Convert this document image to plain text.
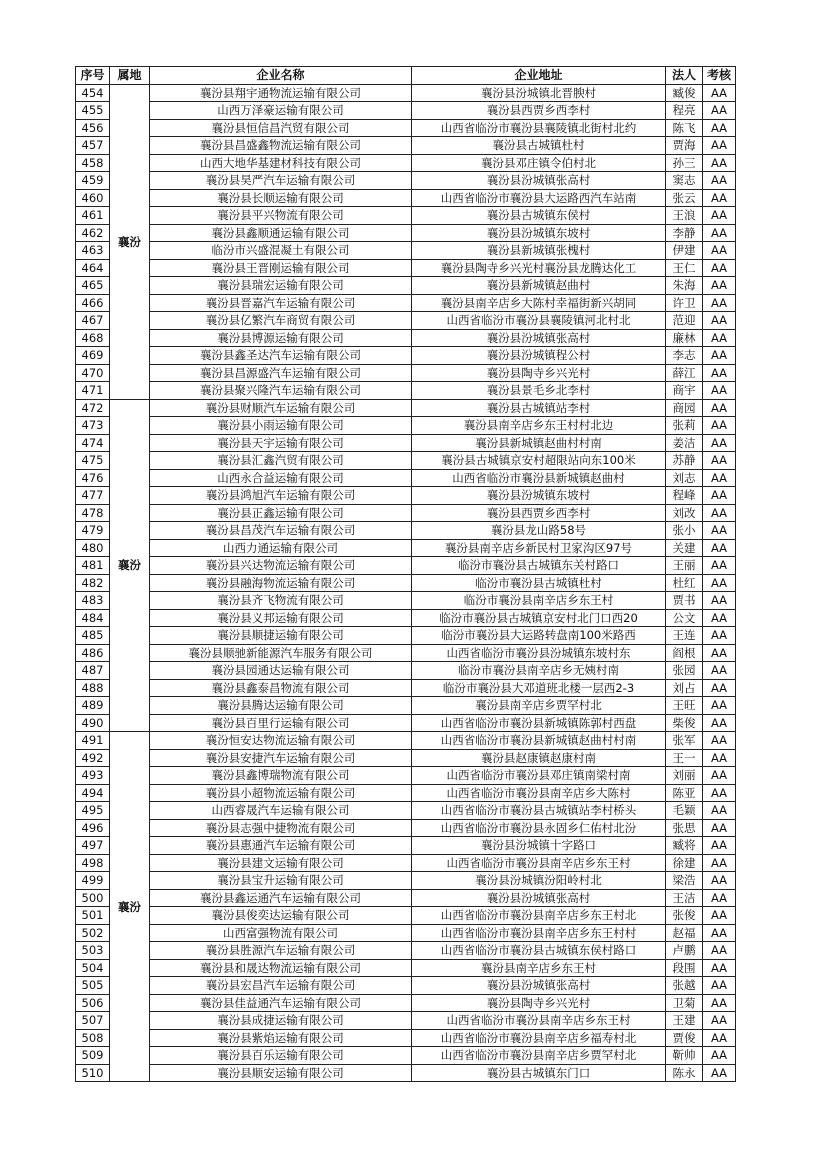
序号	属地	企业名称	企业地址	法人	考核
454	襄汾	襄汾县翔宇通物流运输有限公司	襄汾县汾城镇北晋腴村	臧俊	AA
455		山西万泽豪运输有限公司	襄汾县西贾乡西李村	程亮	AA
456		襄汾县恒信昌汽贸有限公司	山西省临汾市襄汾县襄陵镇北街村北约	陈飞	AA
457		襄汾县昌盛鑫物流运输有限公司	襄汾县古城镇杜村	贾海	AA
458		山西大地华基建材科技有限公司	襄汾县邓庄镇令伯村北	孙三	AA
459		襄汾县昊严汽车运输有限公司	襄汾县汾城镇张高村	窦志	AA
460		襄汾县长顺运输有限公司	山西省临汾市襄汾县大运路西汽车站南	张云	AA
461		襄汾县平兴物流有限公司	襄汾县古城镇东侯村	王浪	AA
462		襄汾县鑫顺通运输有限公司	襄汾县汾城镇东坡村	李静	AA
463		临汾市兴盛混凝土有限公司	襄汾县新城镇张槐村	伊建	AA
464		襄汾县王晋刚运输有限公司	襄汾县陶寺乡兴光村襄汾县龙腾达化工	王仁	AA
465		襄汾县瑞宏运输有限公司	襄汾县新城镇赵曲村	朱海	AA
466		襄汾县晋嘉汽车运输有限公司	襄汾县南辛店乡大陈村幸福街新兴胡同	许卫	AA
467		襄汾县亿繁汽车商贸有限公司	山西省临汾市襄汾县襄陵镇河北村北	范迎	AA
468		襄汾县博源运输有限公司	襄汾县汾城镇张高村	廉林	AA
469		襄汾县鑫圣达汽车运输有限公司	襄汾县汾城镇程公村	李志	AA
470		襄汾县昌源盛汽车运输有限公司	襄汾县陶寺乡兴光村	薛江	AA
471		襄汾县聚兴隆汽车运输有限公司	襄汾县景毛乡北李村	商宇	AA
472	襄汾	襄汾县财顺汽车运输有限公司	襄汾县古城镇站李村	商园	AA
473		襄汾县小雨运输有限公司	襄汾县南辛店乡东王村村北边	张莉	AA
474		襄汾县天宇运输有限公司	襄汾县新城镇赵曲村村南	姜洁	AA
475		襄汾县汇鑫汽贸有限公司	襄汾县古城镇京安村超限站向东100米	苏静	AA
476		山西永合益运输有限公司	山西省临汾市襄汾县新城镇赵曲村	刘志	AA
477		襄汾县鸿旭汽车运输有限公司	襄汾县汾城镇东坡村	程峰	AA
478		襄汾县正鑫运输有限公司	襄汾县西贾乡西李村	刘改	AA
479		襄汾县昌茂汽车运输有限公司	襄汾县龙山路58号	张小	AA
480		山西力通运输有限公司	襄汾县南辛店乡新民村卫家沟区97号	关建	AA
481		襄汾县兴达物流运输有限公司	临汾市襄汾县古城镇东关村路口	王丽	AA
482		襄汾县融海物流运输有限公司	临汾市襄汾县古城镇杜村	杜红	AA
483		襄汾县齐飞物流有限公司	临汾市襄汾县南辛店乡东王村	贾书	AA
484		襄汾县义邦运输有限公司	临汾市襄汾县古城镇京安村北门口西20	公文	AA
485		襄汾县顺捷运输有限公司	临汾市襄汾县大运路转盘南100米路西	王连	AA
486		襄汾县顺驰新能源汽车服务有限公司	山西省临汾市襄汾县汾城镇东坡村东	阎根	AA
487		襄汾县园通达运输有限公司	临汾市襄汾县南辛店乡无姨村南	张园	AA
488		襄汾县鑫泰昌物流有限公司	临汾市襄汾县大邓道班北楼一层西2-3	刘占	AA
489		襄汾县腾达运输有限公司	襄汾县南辛店乡贾罕村北	王旺	AA
490		襄汾县百里行运输有限公司	山西省临汾市襄汾县新城镇陈郭村西盘	柴俊	AA
491	襄汾	襄汾恒安达物流运输有限公司	山西省临汾市襄汾县新城镇赵曲村村南	张军	AA
492		襄汾县安捷汽车运输有限公司	襄汾县赵康镇赵康村南	王一	AA
493		襄汾县鑫博瑞物流有限公司	山西省临汾市襄汾县邓庄镇南梁村南	刘丽	AA
494		襄汾县小超物流运输有限公司	山西省临汾市襄汾县南辛店乡大陈村	陈亚	AA
495		山西睿晟汽车运输有限公司	山西省临汾市襄汾县古城镇站李村桥头	毛颖	AA
496		襄汾县志强中捷物流有限公司	山西省临汾市襄汾县永固乡仁佑村北汾	张思	AA
497		襄汾县惠通汽车运输有限公司	襄汾县汾城镇十字路口	臧将	AA
498		襄汾县建文运输有限公司	山西省临汾市襄汾县南辛店乡东王村	徐建	AA
499		襄汾县宝升运输有限公司	襄汾县汾城镇汾阳岭村北	梁浩	AA
500		襄汾县鑫运通汽车运输有限公司	襄汾县汾城镇张高村	王洁	AA
501		襄汾县俊奕达运输有限公司	山西省临汾市襄汾县南辛店乡东王村北	张俊	AA
502		山西富强物流有限公司	山西省临汾市襄汾县南辛店乡东王村村	赵福	AA
503		襄汾县胜源汽车运输有限公司	山西省临汾市襄汾县古城镇东侯村路口	卢鹏	AA
504		襄汾县和晟达物流运输有限公司	襄汾县南辛店乡东王村	段围	AA
505		襄汾县宏昌汽车运输有限公司	襄汾县汾城镇张高村	张越	AA
506		襄汾县佳益通汽车运输有限公司	襄汾县陶寺乡兴光村	卫菊	AA
507		襄汾县成捷运输有限公司	山西省临汾市襄汾县南辛店乡东王村	王建	AA
508		襄汾县紫焰运输有限公司	山西省临汾市襄汾县南辛店乡福寿村北	贾俊	AA
509		襄汾县百乐运输有限公司	山西省临汾市襄汾县南辛店乡贾罕村北	靳帅	AA
510		襄汾县顺安运输有限公司	襄汾县古城镇东门口	陈永	AA
